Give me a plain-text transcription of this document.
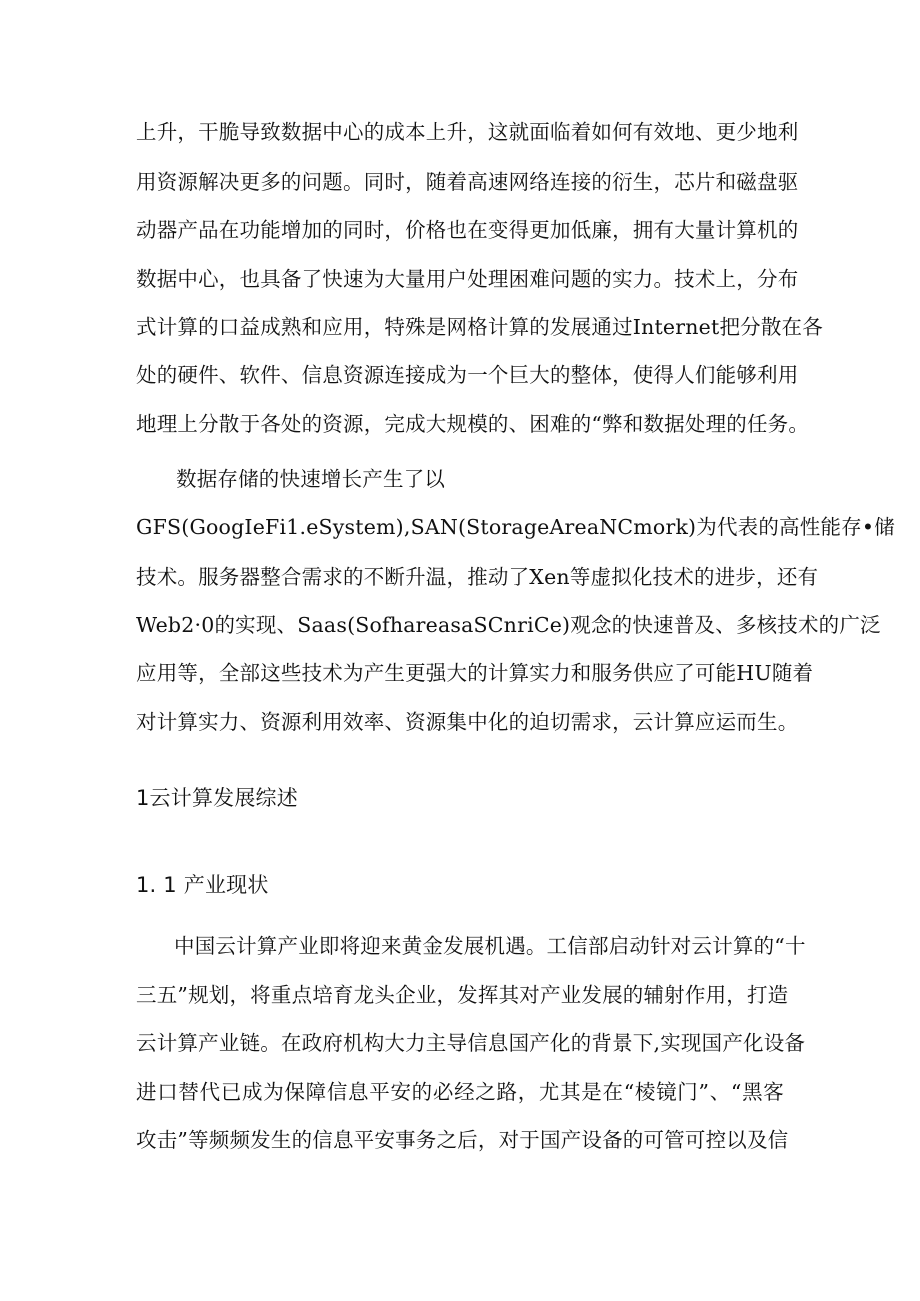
上升，干脆导致数据中心的成本上升，这就面临着如何有效地、更少地利
用资源解决更多的问题。同时，随着高速网络连接的衍生，芯片和磁盘驱
动器产品在功能增加的同时，价格也在变得更加低廉，拥有大量计算机的
数据中心，也具备了快速为大量用户处理困难问题的实力。技术上，分布
式计算的口益成熟和应用，特殊是网格计算的发展通过Internet把分散在各
处的硬件、软件、信息资源连接成为一个巨大的整体，使得人们能够利用
地理上分散于各处的资源，完成大规模的、困难的“弊和数据处理的任务。
数据存储的快速增长产生了以
GFS(GoogIeFi1.eSystem),SAN(StorageAreaNCmork)为代表的高性能存•储
技术。服务器整合需求的不断升温，推动了Xen等虚拟化技术的进步，还有
Web2·0的实现、Saas(SofhareasaSCnriCe)观念的快速普及、多核技术的广泛
应用等，全部这些技术为产生更强大的计算实力和服务供应了可能HU随着
对计算实力、资源利用效率、资源集中化的迫切需求，云计算应运而生。
1云计算发展综述
1. 1 产业现状
中国云计算产业即将迎来黄金发展机遇。工信部启动针对云计算的“十
三五”规划，将重点培育龙头企业，发挥其对产业发展的辅射作用，打造
云计算产业链。在政府机构大力主导信息国产化的背景下,实现国产化设备
进口替代已成为保障信息平安的必经之路，尤其是在“棱镜门”、“黑客
攻击”等频频发生的信息平安事务之后，对于国产设备的可管可控以及信
